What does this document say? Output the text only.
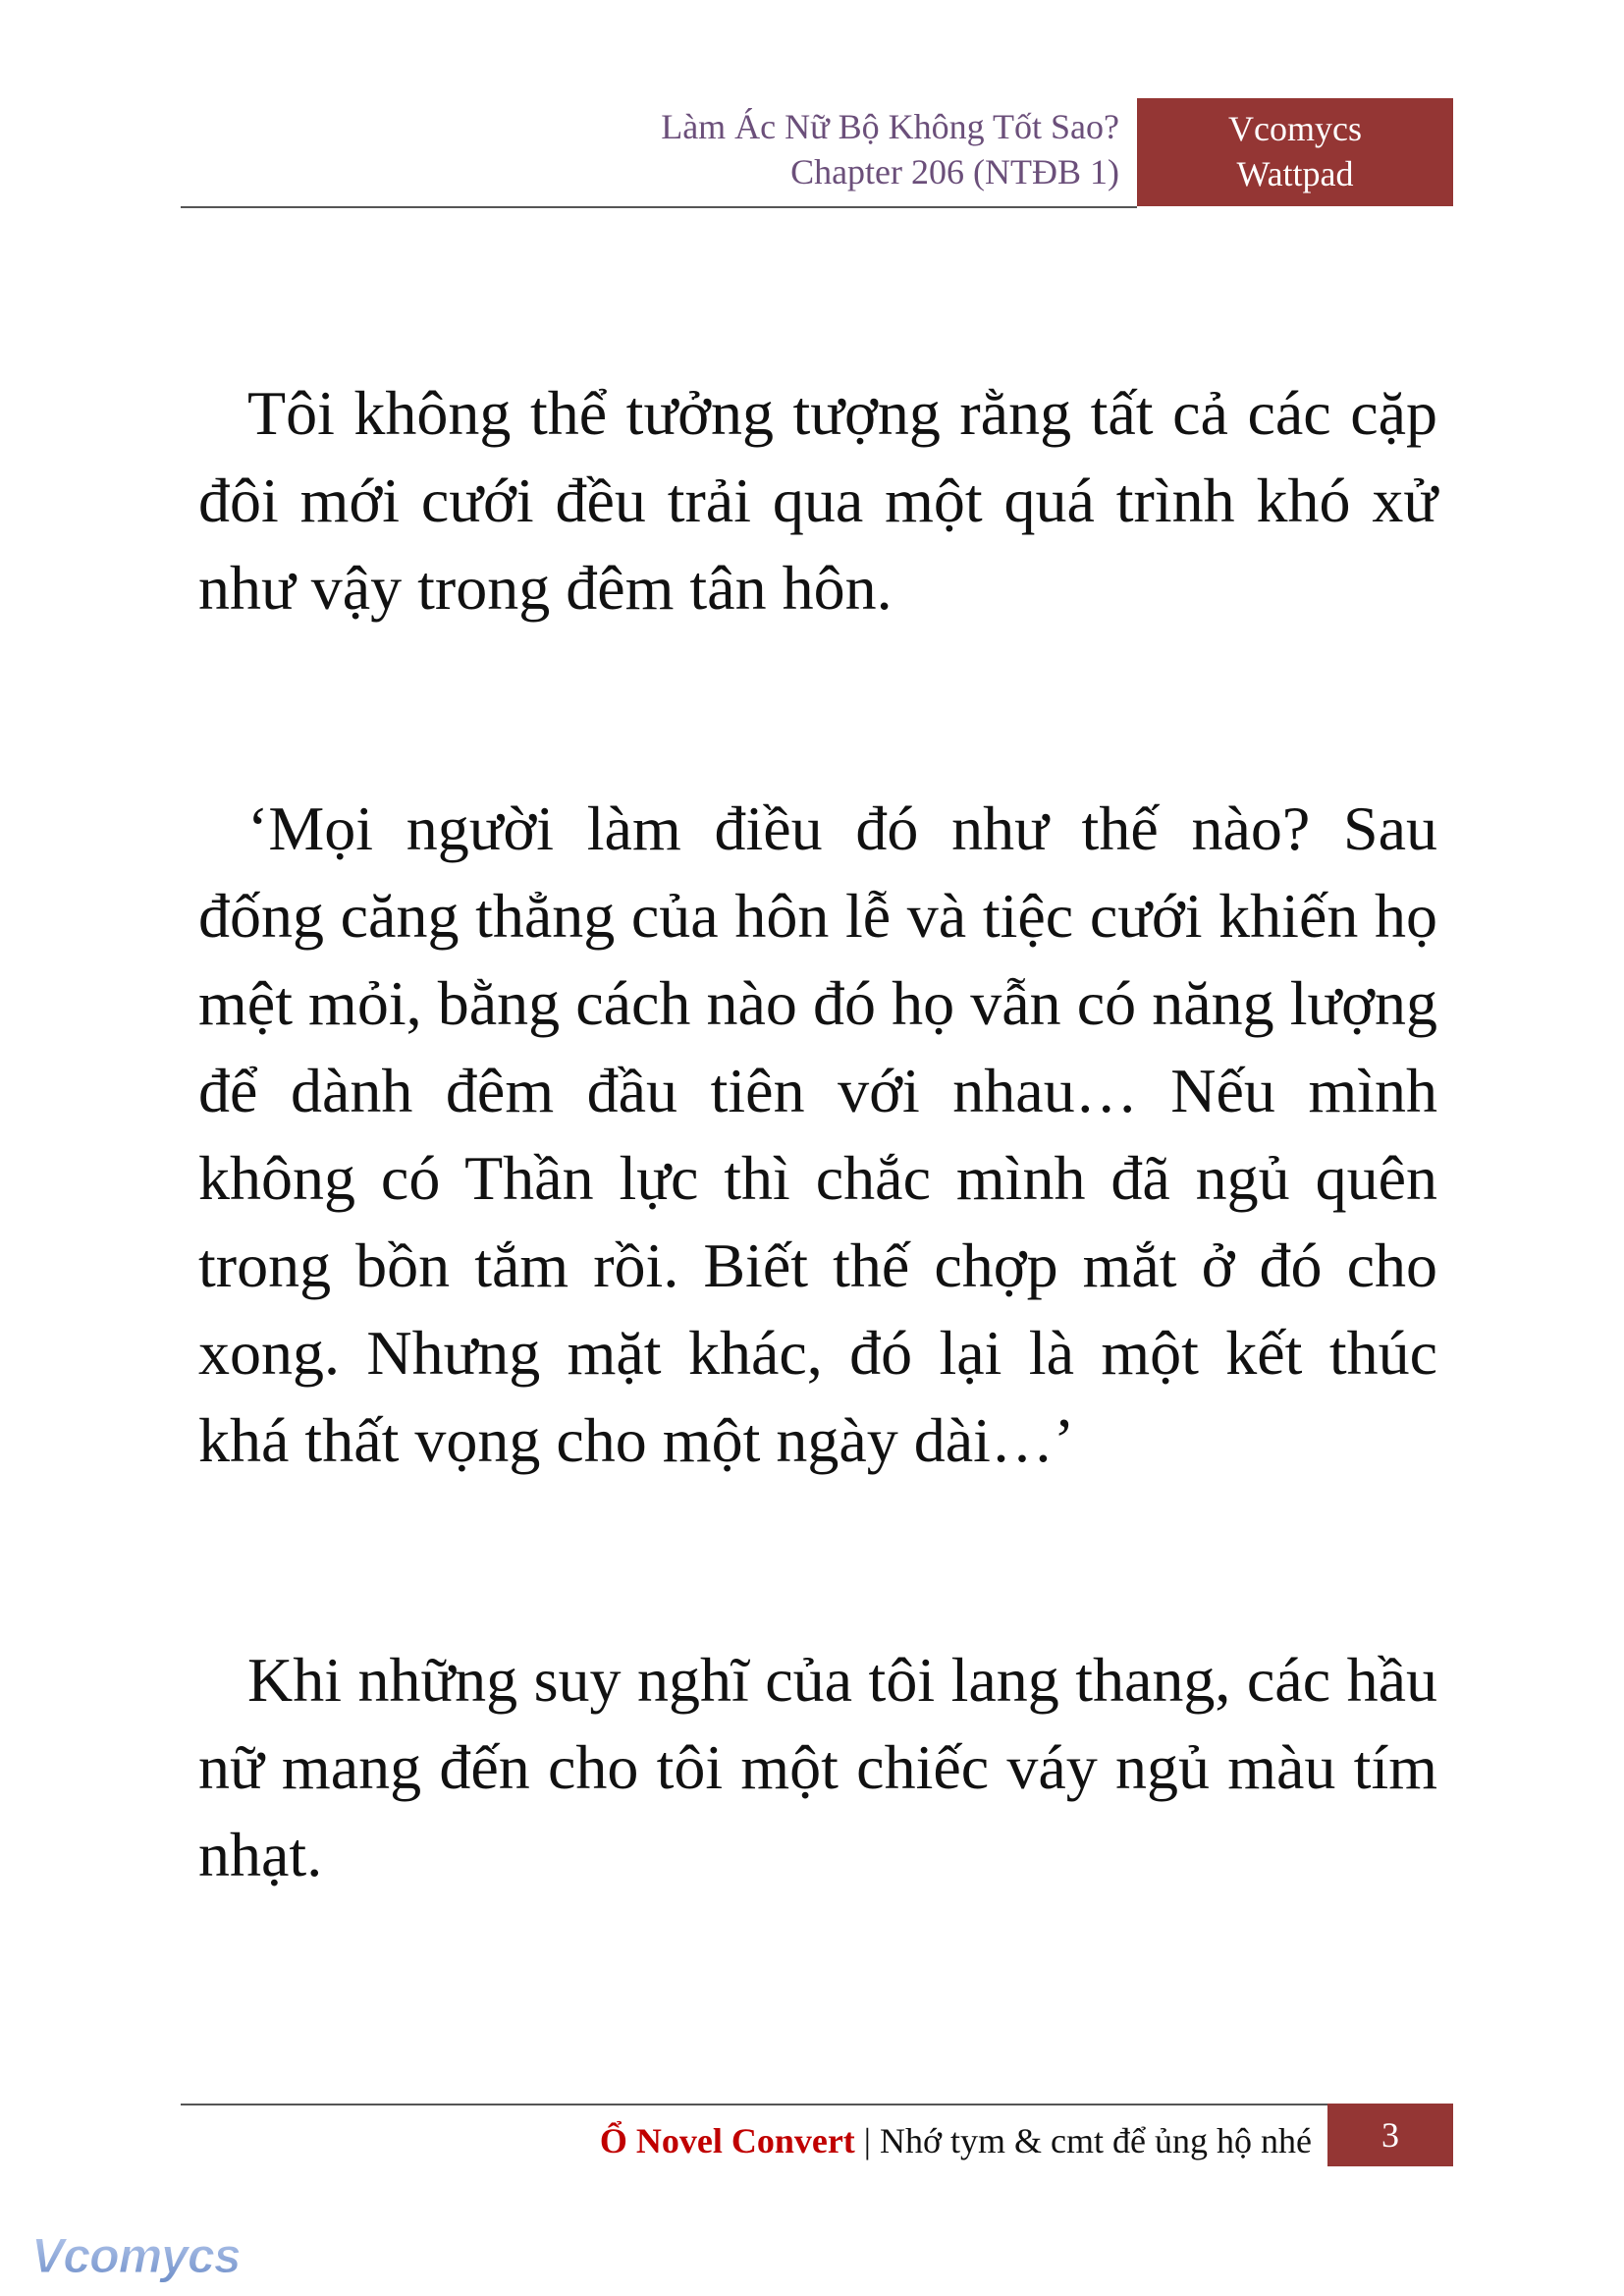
Làm Ác Nữ Bộ Không Tốt Sao?
Chapter 206 (NTĐB 1)
Vcomycs
Wattpad

Tôi không thể tưởng tượng rằng tất cả các cặp đôi mới cưới đều trải qua một quá trình khó xử như vậy trong đêm tân hôn.

‘Mọi người làm điều đó như thế nào? Sau đống căng thẳng của hôn lễ và tiệc cưới khiến họ mệt mỏi, bằng cách nào đó họ vẫn có năng lượng để dành đêm đầu tiên với nhau… Nếu mình không có Thần lực thì chắc mình đã ngủ quên trong bồn tắm rồi. Biết thế chợp mắt ở đó cho xong. Nhưng mặt khác, đó lại là một kết thúc khá thất vọng cho một ngày dài…’

Khi những suy nghĩ của tôi lang thang, các hầu nữ mang đến cho tôi một chiếc váy ngủ màu tím nhạt.

Ổ Novel Convert | Nhớ tym & cmt để ủng hộ nhé	3
Vcomycs
